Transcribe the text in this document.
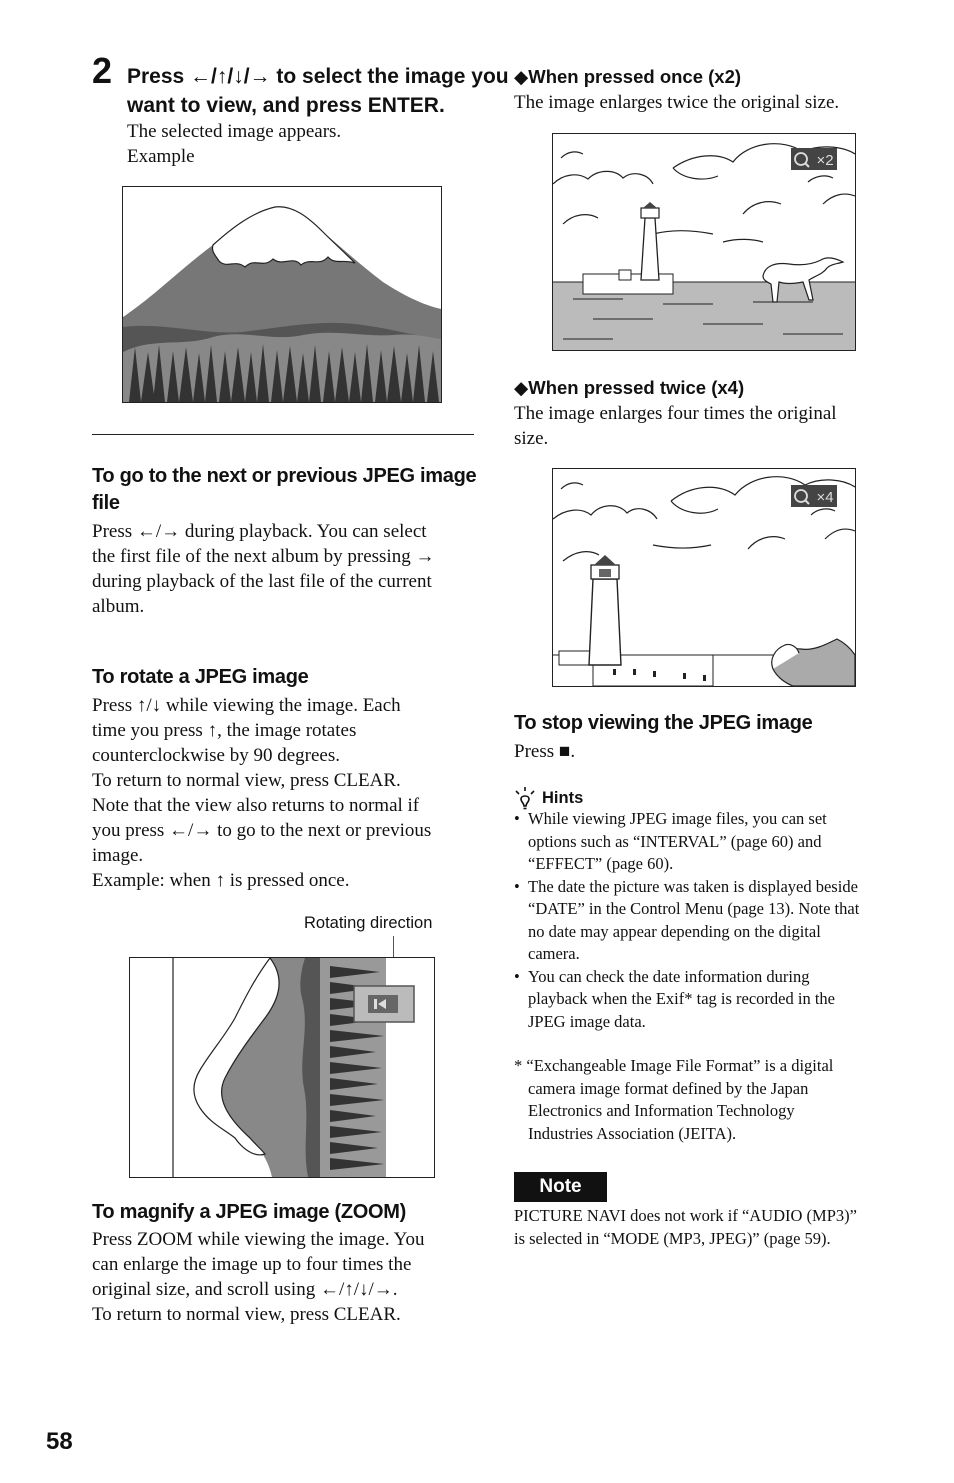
2 Press ←/↑/↓/→ to select the image you
want to view, and press ENTER.
The selected image appears.
Example
To go to the next or previous JPEG image
file
Press ←/→ during playback. You can select
the first file of the next album by pressing →
during playback of the last file of the current
album.
To rotate a JPEG image
Press ↑/↓ while viewing the image. Each
time you press ↑, the image rotates
counterclockwise by 90 degrees.
To return to normal view, press CLEAR.
Note that the view also returns to normal if
you press ←/→ to go to the next or previous
image.
Example: when ↑ is pressed once.
Rotating direction
To magnify a JPEG image (ZOOM)
Press ZOOM while viewing the image. You
can enlarge the image up to four times the
original size, and scroll using ←/↑/↓/→.
To return to normal view, press CLEAR.
58
◆When pressed once (x2)
The image enlarges twice the original size.
×2
◆When pressed twice (x4)
The image enlarges four times the original
size.
×4
To stop viewing the JPEG image
Press ■.
Hints
• While viewing JPEG image files, you can set
options such as “INTERVAL” (page 60) and
“EFFECT” (page 60).
• The date the picture was taken is displayed beside
“DATE” in the Control Menu (page 13). Note that
no date may appear depending on the digital
camera.
• You can check the date information during
playback when the Exif* tag is recorded in the
JPEG image data.
* “Exchangeable Image File Format” is a digital
camera image format defined by the Japan
Electronics and Information Technology
Industries Association (JEITA).
Note
PICTURE NAVI does not work if “AUDIO (MP3)”
is selected in “MODE (MP3, JPEG)” (page 59).
